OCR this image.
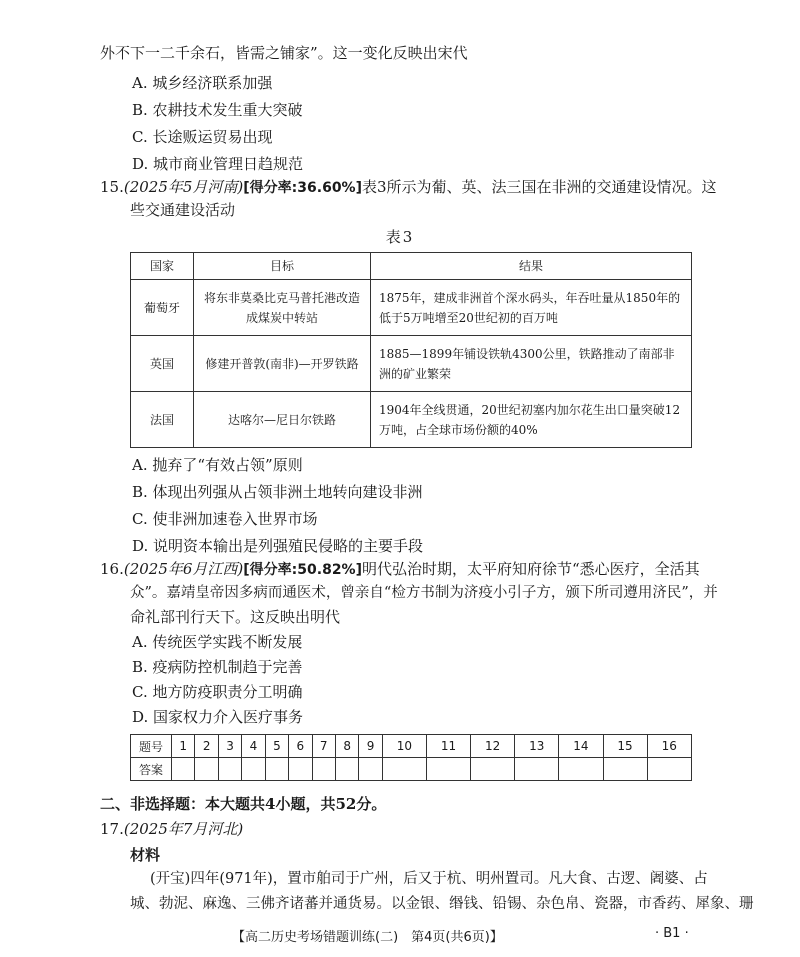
外不下一二千余石，皆需之铺家”。这一变化反映出宋代
A. 城乡经济联系加强
B. 农耕技术发生重大突破
C. 长途贩运贸易出现
D. 城市商业管理日趋规范
15.(2025年5月河南)[得分率:36.60%]表3所示为葡、英、法三国在非洲的交通建设情况。这
些交通建设活动
表3
国家	目标	结果
葡萄牙	将东非莫桑比克马普托港改造成煤炭中转站	1875年，建成非洲首个深水码头，年吞吐量从1850年的低于5万吨增至20世纪初的百万吨
英国	修建开普敦(南非)—开罗铁路	1885—1899年铺设铁轨4300公里，铁路推动了南部非洲的矿业繁荣
法国	达喀尔—尼日尔铁路	1904年全线贯通，20世纪初塞内加尔花生出口量突破12万吨，占全球市场份额的40%
A. 抛弃了“有效占领”原则
B. 体现出列强从占领非洲土地转向建设非洲
C. 使非洲加速卷入世界市场
D. 说明资本输出是列强殖民侵略的主要手段
16.(2025年6月江西)[得分率:50.82%]明代弘治时期，太平府知府徐节“悉心医疗，全活其
众”。嘉靖皇帝因多病而通医术，曾亲自“检方书制为济疫小引子方，颁下所司遵用济民”，并
命礼部刊行天下。这反映出明代
A. 传统医学实践不断发展
B. 疫病防控机制趋于完善
C. 地方防疫职责分工明确
D. 国家权力介入医疗事务
题号	1	2	3	4	5	6	7	8	9	10	11	12	13	14	15	16
答案																
二、非选择题：本大题共4小题，共52分。
17.(2025年7月河北)
材料
(开宝)四年(971年)，置市舶司于广州，后又于杭、明州置司。凡大食、古逻、阇婆、占
城、勃泥、麻逸、三佛齐诸蕃并通货易。以金银、缗钱、铅锡、杂色帛、瓷器，市香药、犀象、珊
【高二历史考场错题训练(二)　第4页(共6页)】	· B1 ·
